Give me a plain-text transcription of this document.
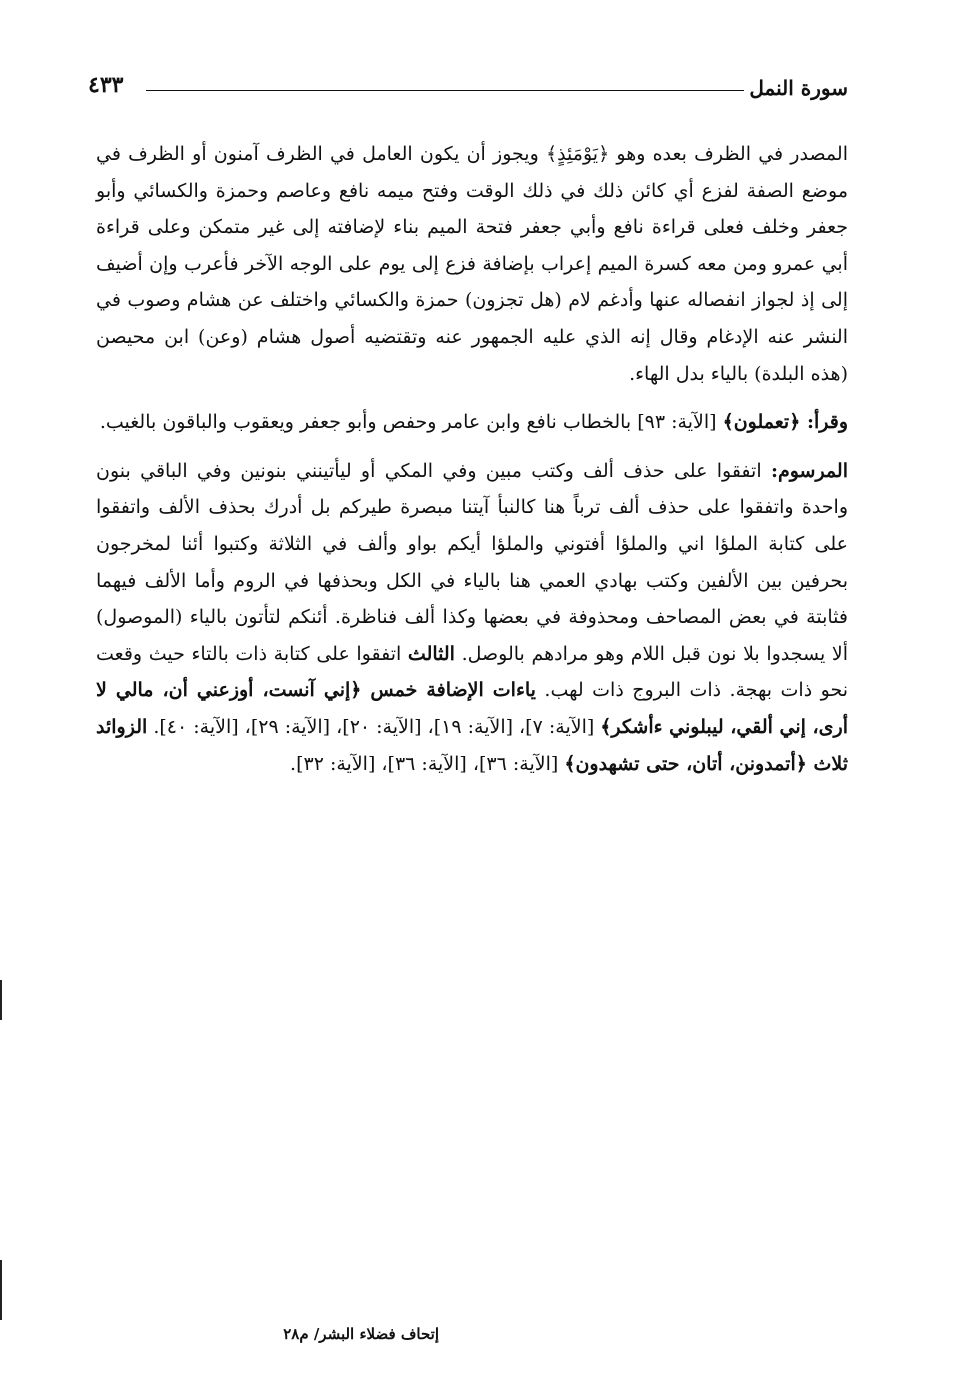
سورة النمل
٤٣٣

المصدر في الظرف بعده وهو ﴿يَوْمَئِذٍ﴾ ويجوز أن يكون العامل في الظرف آمنون أو الظرف في موضع الصفة لفزع أي كائن ذلك في ذلك الوقت وفتح ميمه نافع وعاصم وحمزة والكسائي وأبو جعفر وخلف فعلى قراءة نافع وأبي جعفر فتحة الميم بناء لإضافته إلى غير متمكن وعلى قراءة أبي عمرو ومن معه كسرة الميم إعراب بإضافة فزع إلى يوم على الوجه الآخر فأعرب وإن أضيف إلى إذ لجواز انفصاله عنها وأدغم لام (هل تجزون) حمزة والكسائي واختلف عن هشام وصوب في النشر عنه الإدغام وقال إنه الذي عليه الجمهور عنه وتقتضيه أصول هشام (وعن) ابن محيصن (هذه البلدة) بالياء بدل الهاء.

وقرأ: ﴿تعملون﴾ [الآية: ٩٣] بالخطاب نافع وابن عامر وحفص وأبو جعفر ويعقوب والباقون بالغيب.

المرسوم: اتفقوا على حذف ألف وكتب مبين وفي المكي أو ليأتينني بنونين وفي الباقي بنون واحدة واتفقوا على حذف ألف ترباً هنا كالنبأ آيتنا مبصرة طيركم بل أدرك بحذف الألف واتفقوا على كتابة الملؤا اني والملؤا أفتوني والملؤا أيكم بواو وألف في الثلاثة وكتبوا أئنا لمخرجون بحرفين بين الألفين وكتب بهادي العمي هنا بالياء في الكل وبحذفها في الروم وأما الألف فيهما فثابتة في بعض المصاحف ومحذوفة في بعضها وكذا ألف فناظرة. أئنكم لتأتون بالياء (الموصول) ألا يسجدوا بلا نون قبل اللام وهو مرادهم بالوصل. الثالث اتفقوا على كتابة ذات بالتاء حيث وقعت نحو ذات بهجة. ذات البروج ذات لهب. ياءات الإضافة خمس ﴿إني آنست، أوزعني أن، مالي لا أرى، إني ألقي، ليبلوني ءأشكر﴾ [الآية: ٧]، [الآية: ١٩]، [الآية: ٢٠]، [الآية: ٢٩]، [الآية: ٤٠]. الزوائد ثلاث ﴿أتمدونن، أتان، حتى تشهدون﴾ [الآية: ٣٦]، [الآية: ٣٦]، [الآية: ٣٢].

إتحاف فضلاء البشر/ م٢٨
